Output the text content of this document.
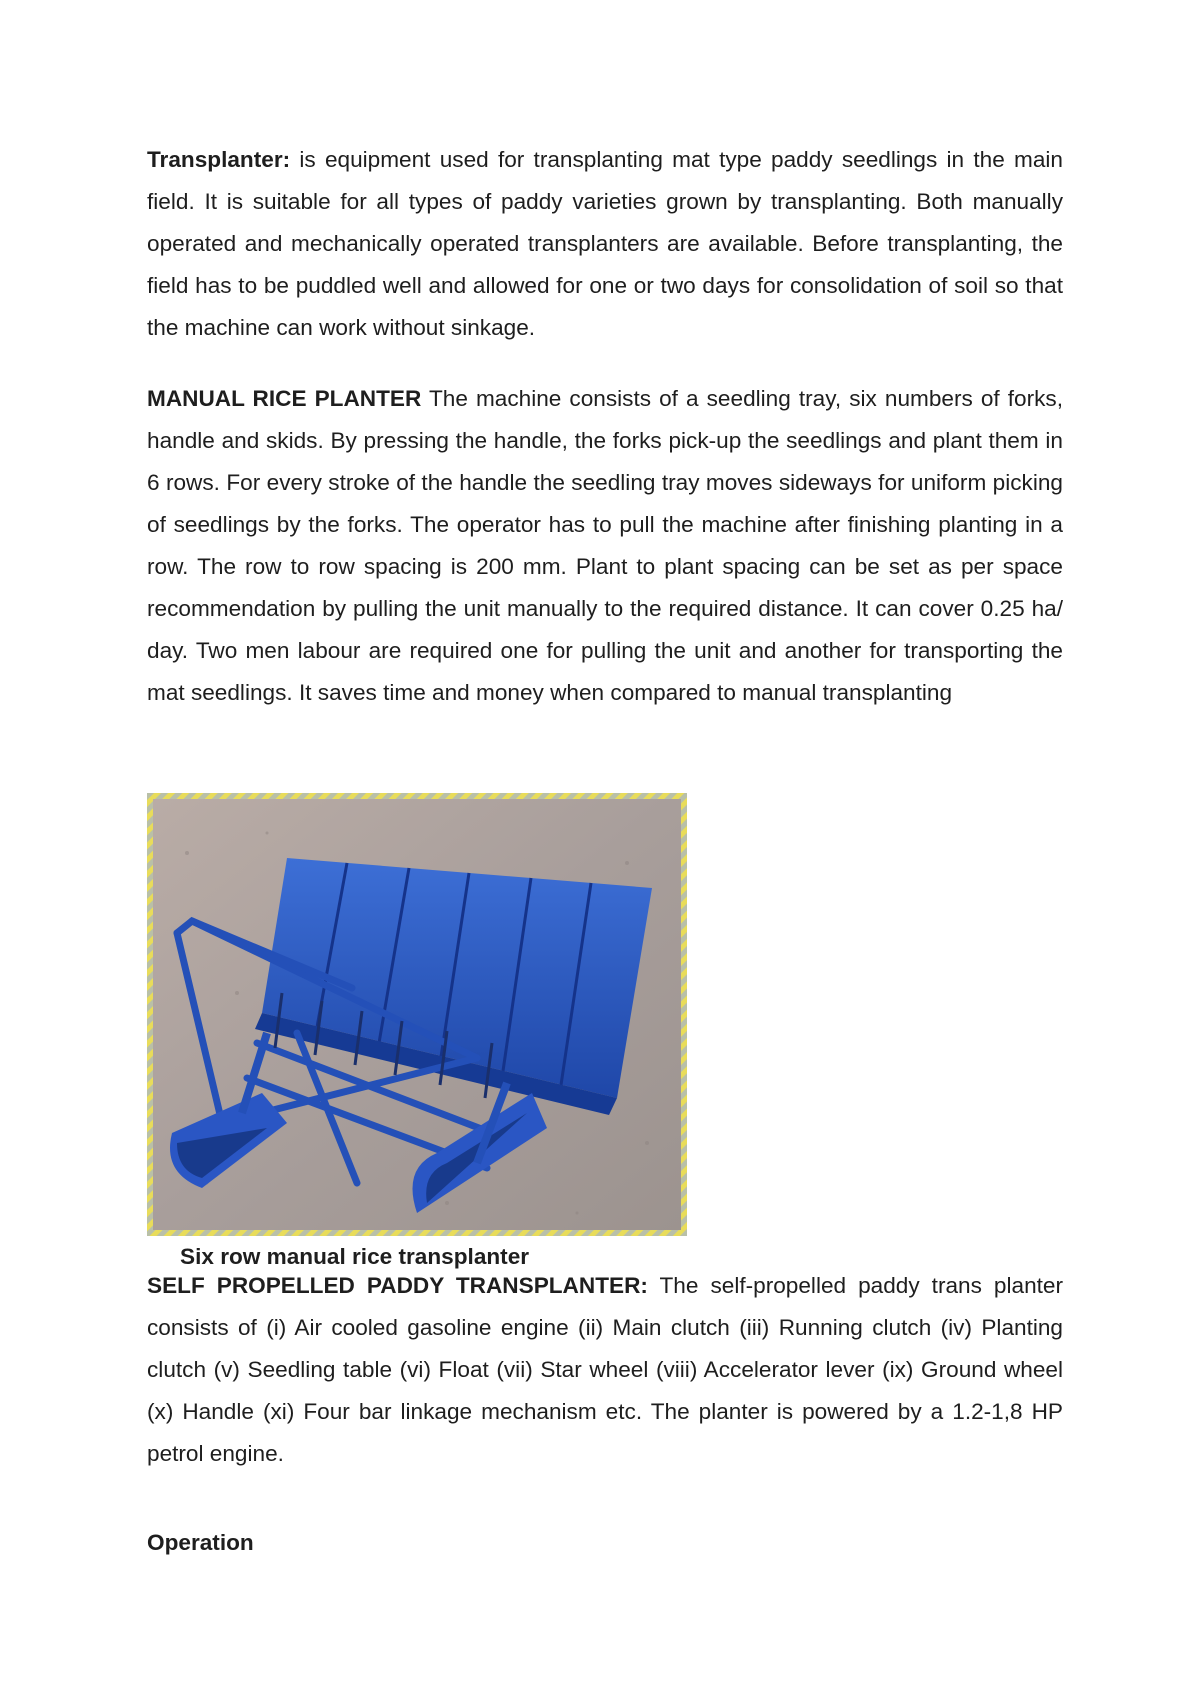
Transplanter: is equipment used for transplanting mat type paddy seedlings in the main field. It is suitable for all types of paddy varieties grown by transplanting. Both manually operated and mechanically operated transplanters are available. Before transplanting, the field has to be puddled well and allowed for one or two days for consolidation of soil so that the machine can work without sinkage.

MANUAL RICE PLANTER The machine consists of a seedling tray, six numbers of forks, handle and skids. By pressing the handle, the forks pick-up the seedlings and plant them in 6 rows. For every stroke of the handle the seedling tray moves sideways for uniform picking of seedlings by the forks. The operator has to pull the machine after finishing planting in a row. The row to row spacing is 200 mm. Plant to plant spacing can be set as per space recommendation by pulling the unit manually to the required distance. It can cover 0.25 ha/ day. Two men labour are required one for pulling the unit and another for transporting the mat seedlings. It saves time and money when compared to manual transplanting

Six row manual rice transplanter

SELF PROPELLED PADDY TRANSPLANTER: The self-propelled paddy trans planter consists of (i) Air cooled gasoline engine (ii) Main clutch (iii) Running clutch (iv) Planting clutch (v) Seedling table (vi) Float (vii) Star wheel (viii) Accelerator lever (ix) Ground wheel (x) Handle (xi) Four bar linkage mechanism etc. The planter is powered by a 1.2-1,8 HP petrol engine.

Operation
